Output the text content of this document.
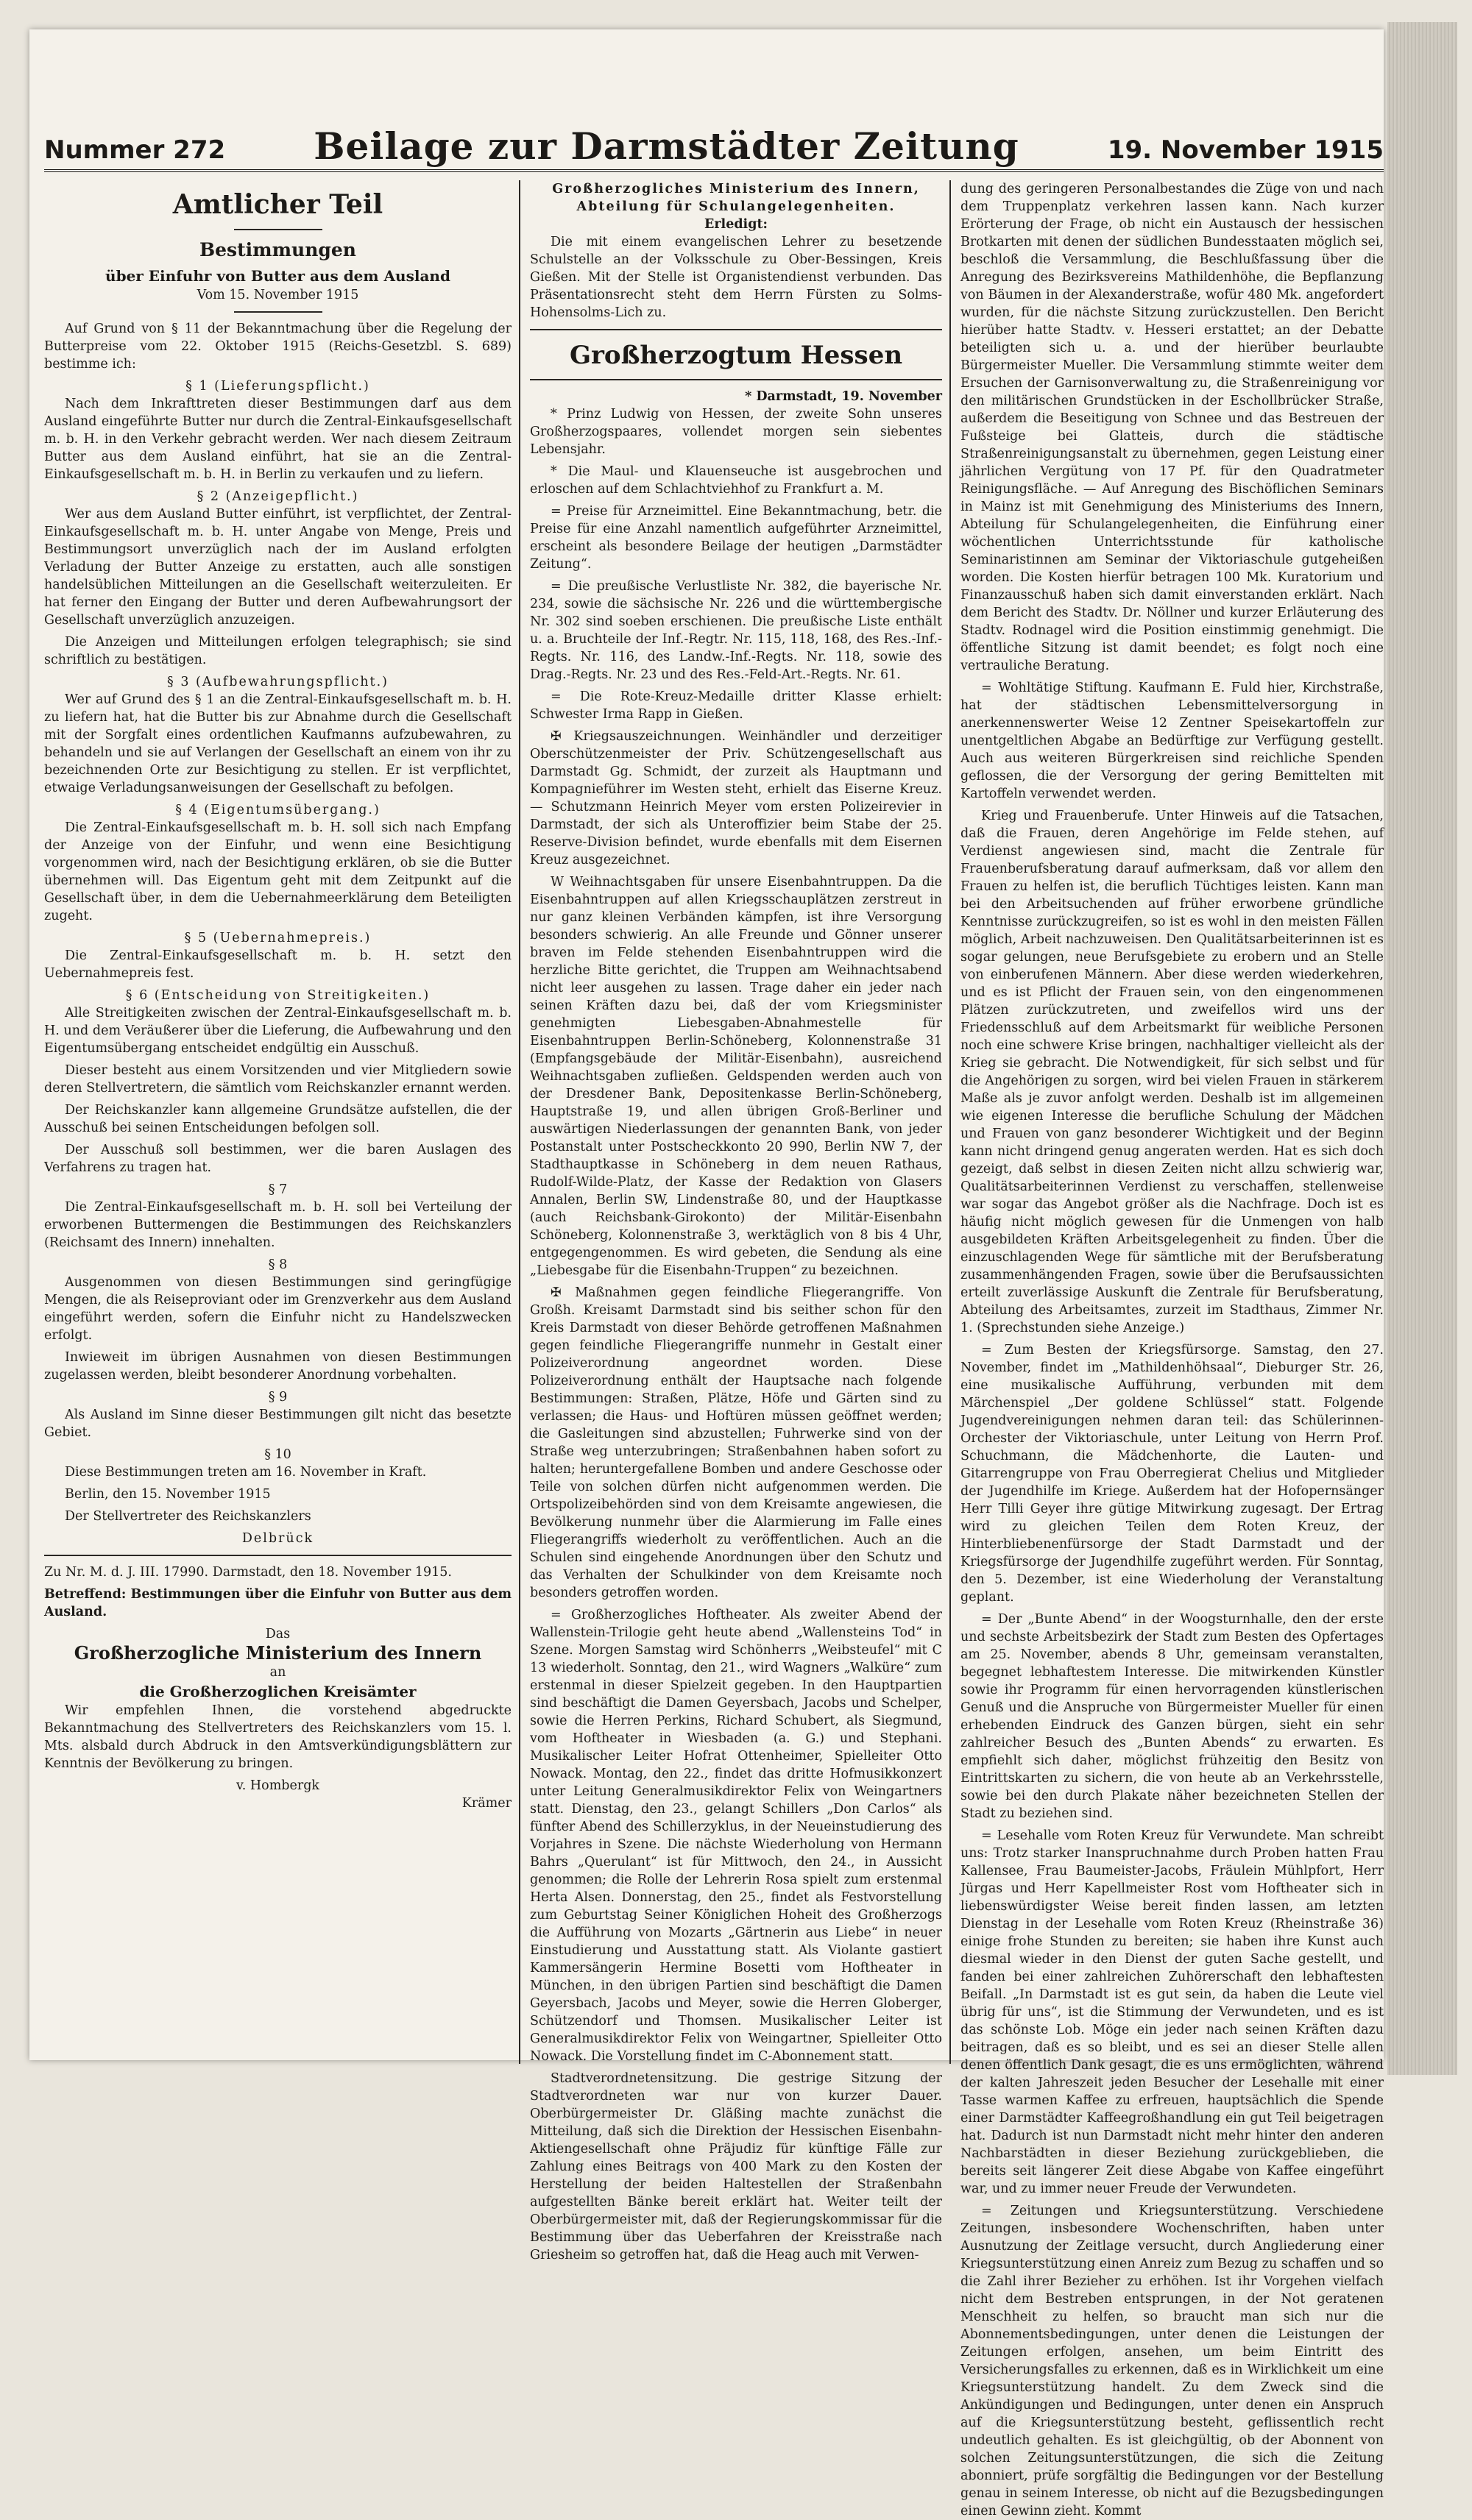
Nummer 272 Beilage zur Darmstädter Zeitung	19. November 1915
Amtlicher Teil
Bestimmungen
über Einfuhr von Butter aus dem Ausland
Vom 15. November 1915

Auf Grund von § 11 der Bekanntmachung über die Regelung der Butterpreise vom 22. Oktober 1915 (Reichs-Gesetzbl. S. 689) bestimme ich:

§ 1 (Lieferungspflicht.)

Nach dem Inkrafttreten dieser Bestimmungen darf aus dem Ausland eingeführte Butter nur durch die Zentral-Einkaufsgesellschaft m. b. H. in den Verkehr gebracht werden. Wer nach diesem Zeitraum Butter aus dem Ausland einführt, hat sie an die Zentral-Einkaufsgesellschaft m. b. H. in Berlin zu verkaufen und zu liefern.

§ 2 (Anzeigepflicht.)

Wer aus dem Ausland Butter einführt, ist verpflichtet, der Zentral-Einkaufsgesellschaft m. b. H. unter Angabe von Menge, Preis und Bestimmungsort unverzüglich nach der im Ausland erfolgten Verladung der Butter Anzeige zu erstatten, auch alle sonstigen handelsüblichen Mitteilungen an die Gesellschaft weiterzuleiten. Er hat ferner den Eingang der Butter und deren Aufbewahrungsort der Gesellschaft unverzüglich anzuzeigen.

Die Anzeigen und Mitteilungen erfolgen telegraphisch; sie sind schriftlich zu bestätigen.

§ 3 (Aufbewahrungspflicht.)

Wer auf Grund des § 1 an die Zentral-Einkaufsgesellschaft m. b. H. zu liefern hat, hat die Butter bis zur Abnahme durch die Gesellschaft mit der Sorgfalt eines ordentlichen Kaufmanns aufzubewahren, zu behandeln und sie auf Verlangen der Gesellschaft an einem von ihr zu bezeichnenden Orte zur Besichtigung zu stellen. Er ist verpflichtet, etwaige Verladungsanweisungen der Gesellschaft zu befolgen.

§ 4 (Eigentumsübergang.)

Die Zentral-Einkaufsgesellschaft m. b. H. soll sich nach Empfang der Anzeige von der Einfuhr, und wenn eine Besichtigung vorgenommen wird, nach der Besichtigung erklären, ob sie die Butter übernehmen will. Das Eigentum geht mit dem Zeitpunkt auf die Gesellschaft über, in dem die Uebernahmeerklärung dem Beteiligten zugeht.

§ 5 (Uebernahmepreis.)

Die Zentral-Einkaufsgesellschaft m. b. H. setzt den Uebernahmepreis fest.

§ 6 (Entscheidung von Streitigkeiten.)

Alle Streitigkeiten zwischen der Zentral-Einkaufsgesellschaft m. b. H. und dem Veräußerer über die Lieferung, die Aufbewahrung und den Eigentumsübergang entscheidet endgültig ein Ausschuß.

Dieser besteht aus einem Vorsitzenden und vier Mitgliedern sowie deren Stellvertretern, die sämtlich vom Reichskanzler ernannt werden.

Der Reichskanzler kann allgemeine Grundsätze aufstellen, die der Ausschuß bei seinen Entscheidungen befolgen soll.

Der Ausschuß soll bestimmen, wer die baren Auslagen des Verfahrens zu tragen hat.

§ 7

Die Zentral-Einkaufsgesellschaft m. b. H. soll bei Verteilung der erworbenen Buttermengen die Bestimmungen des Reichskanzlers (Reichsamt des Innern) innehalten.

§ 8

Ausgenommen von diesen Bestimmungen sind geringfügige Mengen, die als Reiseproviant oder im Grenzverkehr aus dem Ausland eingeführt werden, sofern die Einfuhr nicht zu Handelszwecken erfolgt.

Inwieweit im übrigen Ausnahmen von diesen Bestimmungen zugelassen werden, bleibt besonderer Anordnung vorbehalten.

§ 9

Als Ausland im Sinne dieser Bestimmungen gilt nicht das besetzte Gebiet.

§ 10

Diese Bestimmungen treten am 16. November in Kraft.

Berlin, den 15. November 1915

Der Stellvertreter des Reichskanzlers

Delbrück

Zu Nr. M. d. J. III. 17990. Darmstadt, den 18. November 1915.

Betreffend: Bestimmungen über die Einfuhr von Butter aus dem Ausland.

Das
Großherzogliche Ministerium des Innern
an
die Großherzoglichen Kreisämter

Wir empfehlen Ihnen, die vorstehend abgedruckte Bekanntmachung des Stellvertreters des Reichskanzlers vom 15. l. Mts. alsbald durch Abdruck in den Amtsverkündigungsblättern zur Kenntnis der Bevölkerung zu bringen.

v. Hombergk
Krämer
Großherzogliches Ministerium des Innern, Abteilung für Schulangelegenheiten.
Erledigt:

Die mit einem evangelischen Lehrer zu besetzende Schulstelle an der Volksschule zu Ober-Bessingen, Kreis Gießen. Mit der Stelle ist Organistendienst verbunden. Das Präsentationsrecht steht dem Herrn Fürsten zu Solms-Hohensolms-Lich zu.

Großherzogtum Hessen
* Darmstadt, 19. November

* Prinz Ludwig von Hessen, der zweite Sohn unseres Großherzogspaares, vollendet morgen sein siebentes Lebensjahr.

* Die Maul- und Klauenseuche ist ausgebrochen und erloschen auf dem Schlachtviehhof zu Frankfurt a. M.

= Preise für Arzneimittel. Eine Bekanntmachung, betr. die Preise für eine Anzahl namentlich aufgeführter Arzneimittel, erscheint als besondere Beilage der heutigen „Darmstädter Zeitung“.

= Die preußische Verlustliste Nr. 382, die bayerische Nr. 234, sowie die sächsische Nr. 226 und die württembergische Nr. 302 sind soeben erschienen. Die preußische Liste enthält u. a. Bruchteile der Inf.-Regtr. Nr. 115, 118, 168, des Res.-Inf.-Regts. Nr. 116, des Landw.-Inf.-Regts. Nr. 118, sowie des Drag.-Regts. Nr. 23 und des Res.-Feld-Art.-Regts. Nr. 61.

= Die Rote-Kreuz-Medaille dritter Klasse erhielt: Schwester Irma Rapp in Gießen.

✠ Kriegsauszeichnungen. Weinhändler und derzeitiger Oberschützenmeister der Priv. Schützengesellschaft aus Darmstadt Gg. Schmidt, der zurzeit als Hauptmann und Kompagnieführer im Westen steht, erhielt das Eiserne Kreuz. — Schutzmann Heinrich Meyer vom ersten Polizeirevier in Darmstadt, der sich als Unteroffizier beim Stabe der 25. Reserve-Division befindet, wurde ebenfalls mit dem Eisernen Kreuz ausgezeichnet.

W Weihnachtsgaben für unsere Eisenbahntruppen. Da die Eisenbahntruppen auf allen Kriegsschauplätzen zerstreut in nur ganz kleinen Verbänden kämpfen, ist ihre Versorgung besonders schwierig. An alle Freunde und Gönner unserer braven im Felde stehenden Eisenbahntruppen wird die herzliche Bitte gerichtet, die Truppen am Weihnachtsabend nicht leer ausgehen zu lassen. Trage daher ein jeder nach seinen Kräften dazu bei, daß der vom Kriegsminister genehmigten Liebesgaben-Abnahmestelle für Eisenbahntruppen Berlin-Schöneberg, Kolonnenstraße 31 (Empfangsgebäude der Militär-Eisenbahn), ausreichend Weihnachtsgaben zufließen. Geldspenden werden auch von der Dresdener Bank, Depositenkasse Berlin-Schöneberg, Hauptstraße 19, und allen übrigen Groß-Berliner und auswärtigen Niederlassungen der genannten Bank, von jeder Postanstalt unter Postscheckkonto 20 990, Berlin NW 7, der Stadthauptkasse in Schöneberg in dem neuen Rathaus, Rudolf-Wilde-Platz, der Kasse der Redaktion von Glasers Annalen, Berlin SW, Lindenstraße 80, und der Hauptkasse (auch Reichsbank-Girokonto) der Militär-Eisenbahn Schöneberg, Kolonnenstraße 3, werktäglich von 8 bis 4 Uhr, entgegengenommen. Es wird gebeten, die Sendung als eine „Liebesgabe für die Eisenbahn-Truppen“ zu bezeichnen.

✠ Maßnahmen gegen feindliche Fliegerangriffe. Von Großh. Kreisamt Darmstadt sind bis seither schon für den Kreis Darmstadt von dieser Behörde getroffenen Maßnahmen gegen feindliche Fliegerangriffe nunmehr in Gestalt einer Polizeiverordnung angeordnet worden. Diese Polizeiverordnung enthält der Hauptsache nach folgende Bestimmungen: Straßen, Plätze, Höfe und Gärten sind zu verlassen; die Haus- und Hoftüren müssen geöffnet werden; die Gasleitungen sind abzustellen; Fuhrwerke sind von der Straße weg unterzubringen; Straßenbahnen haben sofort zu halten; heruntergefallene Bomben und andere Geschosse oder Teile von solchen dürfen nicht aufgenommen werden. Die Ortspolizeibehörden sind von dem Kreisamte angewiesen, die Bevölkerung nunmehr über die Alarmierung im Falle eines Fliegerangriffs wiederholt zu veröffentlichen. Auch an die Schulen sind eingehende Anordnungen über den Schutz und das Verhalten der Schulkinder von dem Kreisamte noch besonders getroffen worden.

= Großherzogliches Hoftheater. Als zweiter Abend der Wallenstein-Trilogie geht heute abend „Wallensteins Tod“ in Szene. Morgen Samstag wird Schönherrs „Weibsteufel“ mit C 13 wiederholt. Sonntag, den 21., wird Wagners „Walküre“ zum erstenmal in dieser Spielzeit gegeben. In den Hauptpartien sind beschäftigt die Damen Geyersbach, Jacobs und Schelper, sowie die Herren Perkins, Richard Schubert, als Siegmund, vom Hoftheater in Wiesbaden (a. G.) und Stephani. Musikalischer Leiter Hofrat Ottenheimer, Spielleiter Otto Nowack. Montag, den 22., findet das dritte Hofmusikkonzert unter Leitung Generalmusikdirektor Felix von Weingartners statt. Dienstag, den 23., gelangt Schillers „Don Carlos“ als fünfter Abend des Schillerzyklus, in der Neueinstudierung des Vorjahres in Szene. Die nächste Wiederholung von Hermann Bahrs „Querulant“ ist für Mittwoch, den 24., in Aussicht genommen; die Rolle der Lehrerin Rosa spielt zum erstenmal Herta Alsen. Donnerstag, den 25., findet als Festvorstellung zum Geburtstag Seiner Königlichen Hoheit des Großherzogs die Aufführung von Mozarts „Gärtnerin aus Liebe“ in neuer Einstudierung und Ausstattung statt. Als Violante gastiert Kammersängerin Hermine Bosetti vom Hoftheater in München, in den übrigen Partien sind beschäftigt die Damen Geyersbach, Jacobs und Meyer, sowie die Herren Globerger, Schützendorf und Thomsen. Musikalischer Leiter ist Generalmusikdirektor Felix von Weingartner, Spielleiter Otto Nowack. Die Vorstellung findet im C-Abonnement statt.

Stadtverordnetensitzung. Die gestrige Sitzung der Stadtverordneten war nur von kurzer Dauer. Oberbürgermeister Dr. Gläßing machte zunächst die Mitteilung, daß sich die Direktion der Hessischen Eisenbahn-Aktiengesellschaft ohne Präjudiz für künftige Fälle zur Zahlung eines Beitrags von 400 Mark zu den Kosten der Herstellung der beiden Haltestellen der Straßenbahn aufgestellten Bänke bereit erklärt hat. Weiter teilt der Oberbürgermeister mit, daß der Regierungskommissar für die Bestimmung über das Ueberfahren der Kreisstraße nach Griesheim so getroffen hat, daß die Heag auch mit Verwen-

dung des geringeren Personalbestandes die Züge von und nach dem Truppenplatz verkehren lassen kann. Nach kurzer Erörterung der Frage, ob nicht ein Austausch der hessischen Brotkarten mit denen der südlichen Bundesstaaten möglich sei, beschloß die Versammlung, die Beschlußfassung über die Anregung des Bezirksvereins Mathildenhöhe, die Bepflanzung von Bäumen in der Alexanderstraße, wofür 480 Mk. angefordert wurden, für die nächste Sitzung zurückzustellen. Den Bericht hierüber hatte Stadtv. v. Hesseri erstattet; an der Debatte beteiligten sich u. a. und der hierüber beurlaubte Bürgermeister Mueller. Die Versammlung stimmte weiter dem Ersuchen der Garnisonverwaltung zu, die Straßenreinigung vor den militärischen Grundstücken in der Eschollbrücker Straße, außerdem die Beseitigung von Schnee und das Bestreuen der Fußsteige bei Glatteis, durch die städtische Straßenreinigungsanstalt zu übernehmen, gegen Leistung einer jährlichen Vergütung von 17 Pf. für den Quadratmeter Reinigungsfläche. — Auf Anregung des Bischöflichen Seminars in Mainz ist mit Genehmigung des Ministeriums des Innern, Abteilung für Schulangelegenheiten, die Einführung einer wöchentlichen Unterrichtsstunde für katholische Seminaristinnen am Seminar der Viktoriaschule gutgeheißen worden. Die Kosten hierfür betragen 100 Mk. Kuratorium und Finanzausschuß haben sich damit einverstanden erklärt. Nach dem Bericht des Stadtv. Dr. Nöllner und kurzer Erläuterung des Stadtv. Rodnagel wird die Position einstimmig genehmigt. Die öffentliche Sitzung ist damit beendet; es folgt noch eine vertrauliche Beratung.

= Wohltätige Stiftung. Kaufmann E. Fuld hier, Kirchstraße, hat der städtischen Lebensmittelversorgung in anerkennenswerter Weise 12 Zentner Speisekartoffeln zur unentgeltlichen Abgabe an Bedürftige zur Verfügung gestellt. Auch aus weiteren Bürgerkreisen sind reichliche Spenden geflossen, die der Versorgung der gering Bemittelten mit Kartoffeln verwendet werden.

Krieg und Frauenberufe. Unter Hinweis auf die Tatsachen, daß die Frauen, deren Angehörige im Felde stehen, auf Verdienst angewiesen sind, macht die Zentrale für Frauenberufsberatung darauf aufmerksam, daß vor allem den Frauen zu helfen ist, die beruflich Tüchtiges leisten. Kann man bei den Arbeitsuchenden auf früher erworbene gründliche Kenntnisse zurückzugreifen, so ist es wohl in den meisten Fällen möglich, Arbeit nachzuweisen. Den Qualitätsarbeiterinnen ist es sogar gelungen, neue Berufsgebiete zu erobern und an Stelle von einberufenen Männern. Aber diese werden wiederkehren, und es ist Pflicht der Frauen sein, von den eingenommenen Plätzen zurückzutreten, und zweifellos wird uns der Friedensschluß auf dem Arbeitsmarkt für weibliche Personen noch eine schwere Krise bringen, nachhaltiger vielleicht als der Krieg sie gebracht. Die Notwendigkeit, für sich selbst und für die Angehörigen zu sorgen, wird bei vielen Frauen in stärkerem Maße als je zuvor anfolgt werden. Deshalb ist im allgemeinen wie eigenen Interesse die berufliche Schulung der Mädchen und Frauen von ganz besonderer Wichtigkeit und der Beginn kann nicht dringend genug angeraten werden. Hat es sich doch gezeigt, daß selbst in diesen Zeiten nicht allzu schwierig war, Qualitätsarbeiterinnen Verdienst zu verschaffen, stellenweise war sogar das Angebot größer als die Nachfrage. Doch ist es häufig nicht möglich gewesen für die Unmengen von halb ausgebildeten Kräften Arbeitsgelegenheit zu finden. Über die einzuschlagenden Wege für sämtliche mit der Berufsberatung zusammenhängenden Fragen, sowie über die Berufsaussichten erteilt zuverlässige Auskunft die Zentrale für Berufsberatung, Abteilung des Arbeitsamtes, zurzeit im Stadthaus, Zimmer Nr. 1. (Sprechstunden siehe Anzeige.)

= Zum Besten der Kriegsfürsorge. Samstag, den 27. November, findet im „Mathildenhöhsaal“, Dieburger Str. 26, eine musikalische Aufführung, verbunden mit dem Märchenspiel „Der goldene Schlüssel“ statt. Folgende Jugendvereinigungen nehmen daran teil: das Schülerinnen-Orchester der Viktoriaschule, unter Leitung von Herrn Prof. Schuchmann, die Mädchenhorte, die Lauten- und Gitarrengruppe von Frau Oberregierat Chelius und Mitglieder der Jugendhilfe im Kriege. Außerdem hat der Hofopernsänger Herr Tilli Geyer ihre gütige Mitwirkung zugesagt. Der Ertrag wird zu gleichen Teilen dem Roten Kreuz, der Hinterbliebenenfürsorge der Stadt Darmstadt und der Kriegsfürsorge der Jugendhilfe zugeführt werden. Für Sonntag, den 5. Dezember, ist eine Wiederholung der Veranstaltung geplant.

= Der „Bunte Abend“ in der Woogsturnhalle, den der erste und sechste Arbeitsbezirk der Stadt zum Besten des Opfertages am 25. November, abends 8 Uhr, gemeinsam veranstalten, begegnet lebhaftestem Interesse. Die mitwirkenden Künstler sowie ihr Programm für einen hervorragenden künstlerischen Genuß und die Anspruche von Bürgermeister Mueller für einen erhebenden Eindruck des Ganzen bürgen, sieht ein sehr zahlreicher Besuch des „Bunten Abends“ zu erwarten. Es empfiehlt sich daher, möglichst frühzeitig den Besitz von Eintrittskarten zu sichern, die von heute ab an Verkehrsstelle, sowie bei den durch Plakate näher bezeichneten Stellen der Stadt zu beziehen sind.

= Lesehalle vom Roten Kreuz für Verwundete. Man schreibt uns: Trotz starker Inanspruchnahme durch Proben hatten Frau Kallensee, Frau Baumeister-Jacobs, Fräulein Mühlpfort, Herr Jürgas und Herr Kapellmeister Rost vom Hoftheater sich in liebenswürdigster Weise bereit finden lassen, am letzten Dienstag in der Lesehalle vom Roten Kreuz (Rheinstraße 36) einige frohe Stunden zu bereiten; sie haben ihre Kunst auch diesmal wieder in den Dienst der guten Sache gestellt, und fanden bei einer zahlreichen Zuhörerschaft den lebhaftesten Beifall. „In Darmstadt ist es gut sein, da haben die Leute viel übrig für uns“, ist die Stimmung der Verwundeten, und es ist das schönste Lob. Möge ein jeder nach seinen Kräften dazu beitragen, daß es so bleibt, und es sei an dieser Stelle allen denen öffentlich Dank gesagt, die es uns ermöglichten, während der kalten Jahreszeit jeden Besucher der Lesehalle mit einer Tasse warmen Kaffee zu erfreuen, hauptsächlich die Spende einer Darmstädter Kaffeegroßhandlung ein gut Teil beigetragen hat. Dadurch ist nun Darmstadt nicht mehr hinter den anderen Nachbarstädten in dieser Beziehung zurückgeblieben, die bereits seit längerer Zeit diese Abgabe von Kaffee eingeführt war, und zu immer neuer Freude der Verwundeten.

= Zeitungen und Kriegsunterstützung. Verschiedene Zeitungen, insbesondere Wochenschriften, haben unter Ausnutzung der Zeitlage versucht, durch Angliederung einer Kriegsunterstützung einen Anreiz zum Bezug zu schaffen und so die Zahl ihrer Bezieher zu erhöhen. Ist ihr Vorgehen vielfach nicht dem Bestreben entsprungen, in der Not geratenen Menschheit zu helfen, so braucht man sich nur die Abonnementsbedingungen, unter denen die Leistungen der Zeitungen erfolgen, ansehen, um beim Eintritt des Versicherungsfalles zu erkennen, daß es in Wirklichkeit um eine Kriegsunterstützung handelt. Zu dem Zweck sind die Ankündigungen und Bedingungen, unter denen ein Anspruch auf die Kriegsunterstützung besteht, geflissentlich recht undeutlich gehalten. Es ist gleichgültig, ob der Abonnent von solchen Zeitungsunterstützungen, die sich die Zeitung abonniert, prüfe sorgfältig die Bedingungen vor der Bestellung genau in seinem Interesse, ob nicht auf die Bezugsbedingungen einen Gewinn zieht. Kommt
